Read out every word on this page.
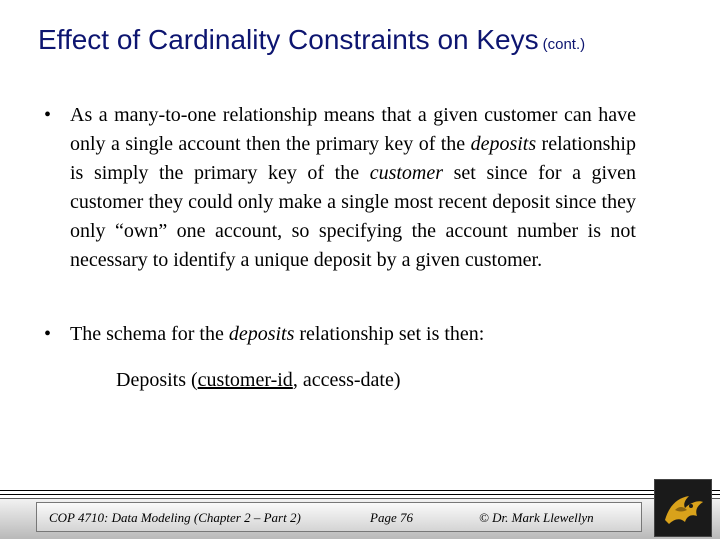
Effect of Cardinality Constraints on Keys (cont.)
• As a many-to-one relationship means that a given customer can have only a single account then the primary key of the deposits relationship is simply the primary key of the customer set since for a given customer they could only make a single most recent deposit since they only “own” one account, so specifying the account number is not necessary to identify a unique deposit by a given customer.
• The schema for the deposits relationship set is then:
Deposits (customer-id, access-date)
COP 4710: Data Modeling (Chapter 2 – Part 2)	Page 76	© Dr. Mark Llewellyn
